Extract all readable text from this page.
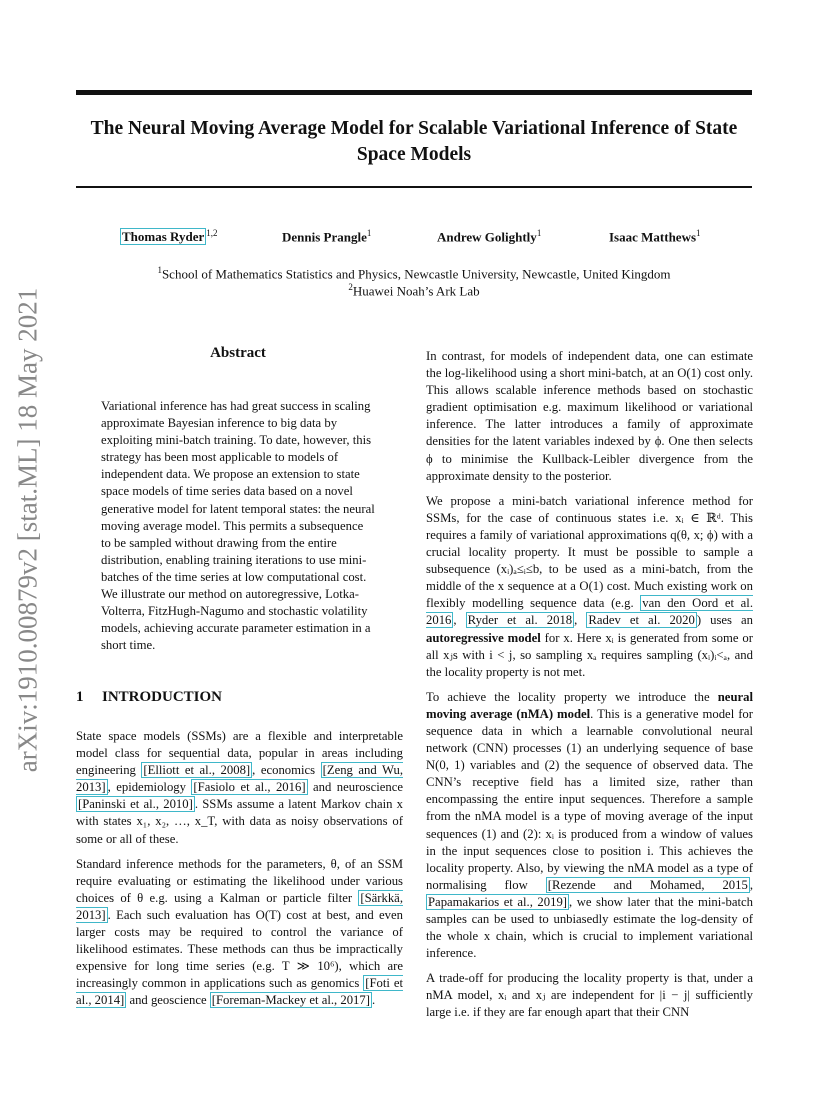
arXiv:1910.00879v2 [stat.ML] 18 May 2021
The Neural Moving Average Model for Scalable Variational Inference of State
Space Models
Thomas Ryder $^{1,2}$	Dennis Prangle$^1$	Andrew Golightly$^1$	Isaac Matthews$^1$
$^1$School of Mathematics Statistics and Physics, Newcastle University, Newcastle, United Kingdom
$^2$Huawei Noah’s Ark Lab
Abstract

Variational inference has had great success in scaling approximate Bayesian inference to big data by exploiting mini-batch training. To date, however, this strategy has been most applicable to models of independent data. We propose an extension to state space models of time series data based on a novel generative model for latent temporal states: the neural moving average model. This permits a subsequence to be sampled without drawing from the entire distribution, enabling training iterations to use mini-batches of the time series at low computational cost. We illustrate our method on autoregressive, Lotka-Volterra, FitzHugh-Nagumo and stochastic volatility models, achieving accurate parameter estimation in a short time.

1 INTRODUCTION

State space models (SSMs) are a flexible and interpretable model class for sequential data, popular in areas including engineering [Elliott et al., 2008] , economics [Zeng and Wu, 2013] , epidemiology [Fasiolo et al., 2016] and neuroscience [Paninski et al., 2010] . SSMs assume a latent Markov chain x with states x₁, x₂, …, x_T, with data as noisy observations of some or all of these.

Standard inference methods for the parameters, θ, of an SSM require evaluating or estimating the likelihood under various choices of θ e.g. using a Kalman or particle filter [Särkkä, 2013] . Each such evaluation has O(T) cost at best, and even larger costs may be required to control the variance of likelihood estimates. These methods can thus be impractically expensive for long time series (e.g. T ≫ 10⁶), which are increasingly common in applications such as genomics [Foti et al., 2014] and geoscience [Foreman-Mackey et al., 2017] .

In contrast, for models of independent data, one can estimate the log-likelihood using a short mini-batch, at an O(1) cost only. This allows scalable inference methods based on stochastic gradient optimisation e.g. maximum likelihood or variational inference. The latter introduces a family of approximate densities for the latent variables indexed by ϕ. One then selects ϕ to minimise the Kullback-Leibler divergence from the approximate density to the posterior.

We propose a mini-batch variational inference method for SSMs, for the case of continuous states i.e. xᵢ ∈ ℝᵈ. This requires a family of variational approximations q(θ, x; ϕ) with a crucial locality property. It must be possible to sample a subsequence (xᵢ)ₐ≤ᵢ≤b, to be used as a mini-batch, from the middle of the x sequence at a O(1) cost. Much existing work on flexibly modelling sequence data (e.g. van den Oord et al. 2016 , Ryder et al. 2018 , Radev et al. 2020 ) uses an autoregressive model for x. Here xᵢ is generated from some or all xⱼs with i < j, so sampling xₐ requires sampling (xᵢ)ᵢ<ₐ, and the locality property is not met.

To achieve the locality property we introduce the neural moving average (nMA) model. This is a generative model for sequence data in which a learnable convolutional neural network (CNN) processes (1) an underlying sequence of base N(0, 1) variables and (2) the sequence of observed data. The CNN’s receptive field has a limited size, rather than encompassing the entire input sequences. Therefore a sample from the nMA model is a type of moving average of the input sequences (1) and (2): xᵢ is produced from a window of values in the input sequences close to position i. This achieves the locality property. Also, by viewing the nMA model as a type of normalising flow [Rezende and Mohamed, 2015 , Papamakarios et al., 2019] , we show later that the mini-batch samples can be used to unbiasedly estimate the log-density of the whole x chain, which is crucial to implement variational inference.

A trade-off for producing the locality property is that, under a nMA model, xᵢ and xⱼ are independent for |i − j| sufficiently large i.e. if they are far enough apart that their CNN
